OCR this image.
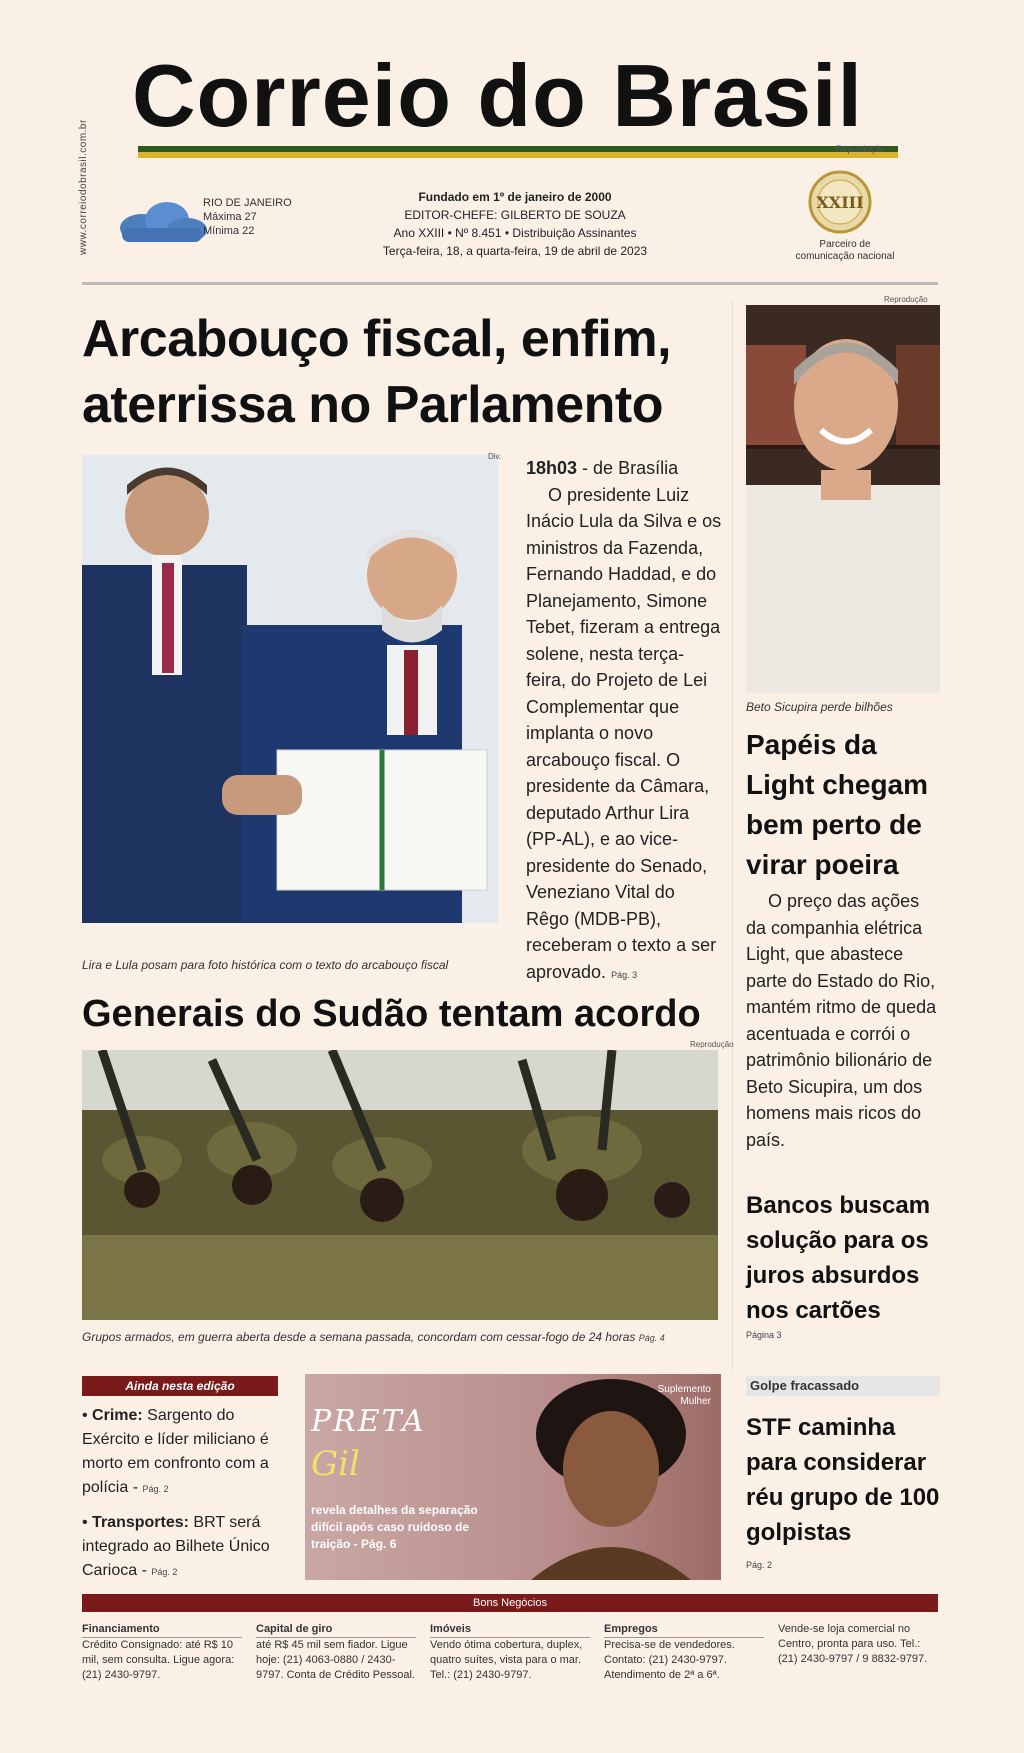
www.correiodobrasil.com.br
Correio do Brasil
Reprodução
RIO DE JANEIRO
Máxima 27
Mínima 22
Fundado em 1º de janeiro de 2000
EDITOR-CHEFE: GILBERTO DE SOUZA
Ano XXIII • Nº 8.451 • Distribuição Assinantes
Terça-feira, 18, a quarta-feira, 19 de abril de 2023
XXIII
Parceiro de comunicação nacional
Arcabouço fiscal, enfim, aterrissa no Parlamento
Div.
Lira e Lula posam para foto histórica com o texto do arcabouço fiscal
18h03 - de Brasília

O presidente Luiz Inácio Lula da Silva e os ministros da Fazenda, Fernando Haddad, e do Planejamento, Simone Tebet, fizeram a entrega solene, nesta terça-feira, do Projeto de Lei Complementar que implanta o novo arcabouço fiscal. O presidente da Câmara, deputado Arthur Lira (PP-AL), e ao vice-presidente do Senado, Veneziano Vital do Rêgo (MDB-PB), receberam o texto a ser aprovado. Pág. 3

Reprodução
Beto Sicupira perde bilhões
Papéis da Light chegam bem perto de virar poeira
O preço das ações da companhia elétrica Light, que abastece parte do Estado do Rio, mantém ritmo de queda acentuada e corrói o patrimônio bilionário de Beto Sicupira, um dos homens mais ricos do país.
Bancos buscam solução para os juros absurdos nos cartões
Página 3
Generais do Sudão tentam acordo
Reprodução
Grupos armados, em guerra aberta desde a semana passada, concordam com cessar-fogo de 24 horas Pág. 4
Ainda nesta edição

• Crime: Sargento do Exército e líder miliciano é morto em confronto com a polícia - Pág. 2

• Transportes: BRT será integrado ao Bilhete Único Carioca - Pág. 2

Suplemento
Mulher
PRETA
Gil
revela detalhes da separação difícil após caso ruidoso de traição - Pág. 6
Golpe fracassado
STF caminha para considerar réu grupo de 100 golpistas
Pág. 2
Bons Negócios
Financiamento
Crédito Consignado: até R$ 10 mil, sem consulta. Ligue agora: (21) 2430-9797.
Capital de giro
até R$ 45 mil sem fiador. Ligue hoje: (21) 4063-0880 / 2430-9797. Conta de Crédito Pessoal.
Imóveis
Vendo ótima cobertura, duplex, quatro suítes, vista para o mar. Tel.: (21) 2430-9797.
Empregos
Precisa-se de vendedores. Contato: (21) 2430-9797. Atendimento de 2ª a 6ª.
Vende-se loja comercial no Centro, pronta para uso. Tel.: (21) 2430-9797 / 9 8832-9797.
